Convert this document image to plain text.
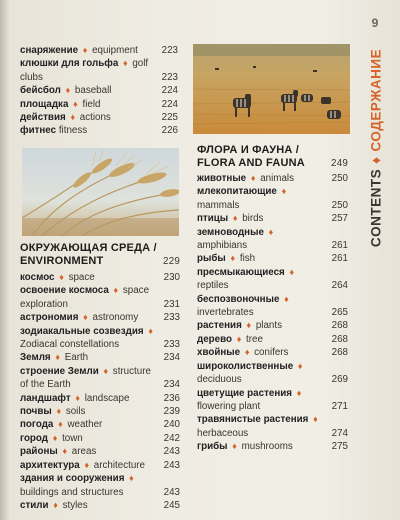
9
CONTENTS♦СОДЕРЖАНИЕ
снаряжение ♦ equipment 223
клюшки для гольфа ♦ golf clubs	223
бейсбол ♦ baseball	224
площадка ♦ field	224
действия ♦ actions	225
фитнес fitness	226
ОКРУЖАЮЩАЯ СРЕДА /
ENVIRONMENT	229
космос ♦ space	230
освоение космоса ♦ space exploration	231
астрономия ♦ astronomy	233
зодиакальные созвездия ♦ Zodiacal constellations	233
Земля ♦ Earth	234
строение Земли ♦ structure of the Earth	234
ландшафт ♦ landscape	236
почвы ♦ soils	239
погода ♦ weather	240
город ♦ town	242
районы ♦ areas	243
архитектура ♦ architecture 243
здания и сооружения ♦ buildings and structures	243
стили ♦ styles	245
ФЛОРА И ФАУНА /
FLORA AND FAUNA	249
животные ♦ animals	250
млекопитающие ♦ mammals	250
птицы ♦ birds	257
земноводные ♦ amphibians	261
рыбы ♦ fish	261
пресмыкающиеся ♦ reptiles	264
беспозвоночные ♦ invertebrates	265
растения ♦ plants	268
дерево ♦ tree	268
хвойные ♦ conifers	268
широколиственные ♦ deciduous	269
цветущие растения ♦ flowering plant	271
травянистые растения ♦ herbaceous	274
грибы ♦ mushrooms	275
